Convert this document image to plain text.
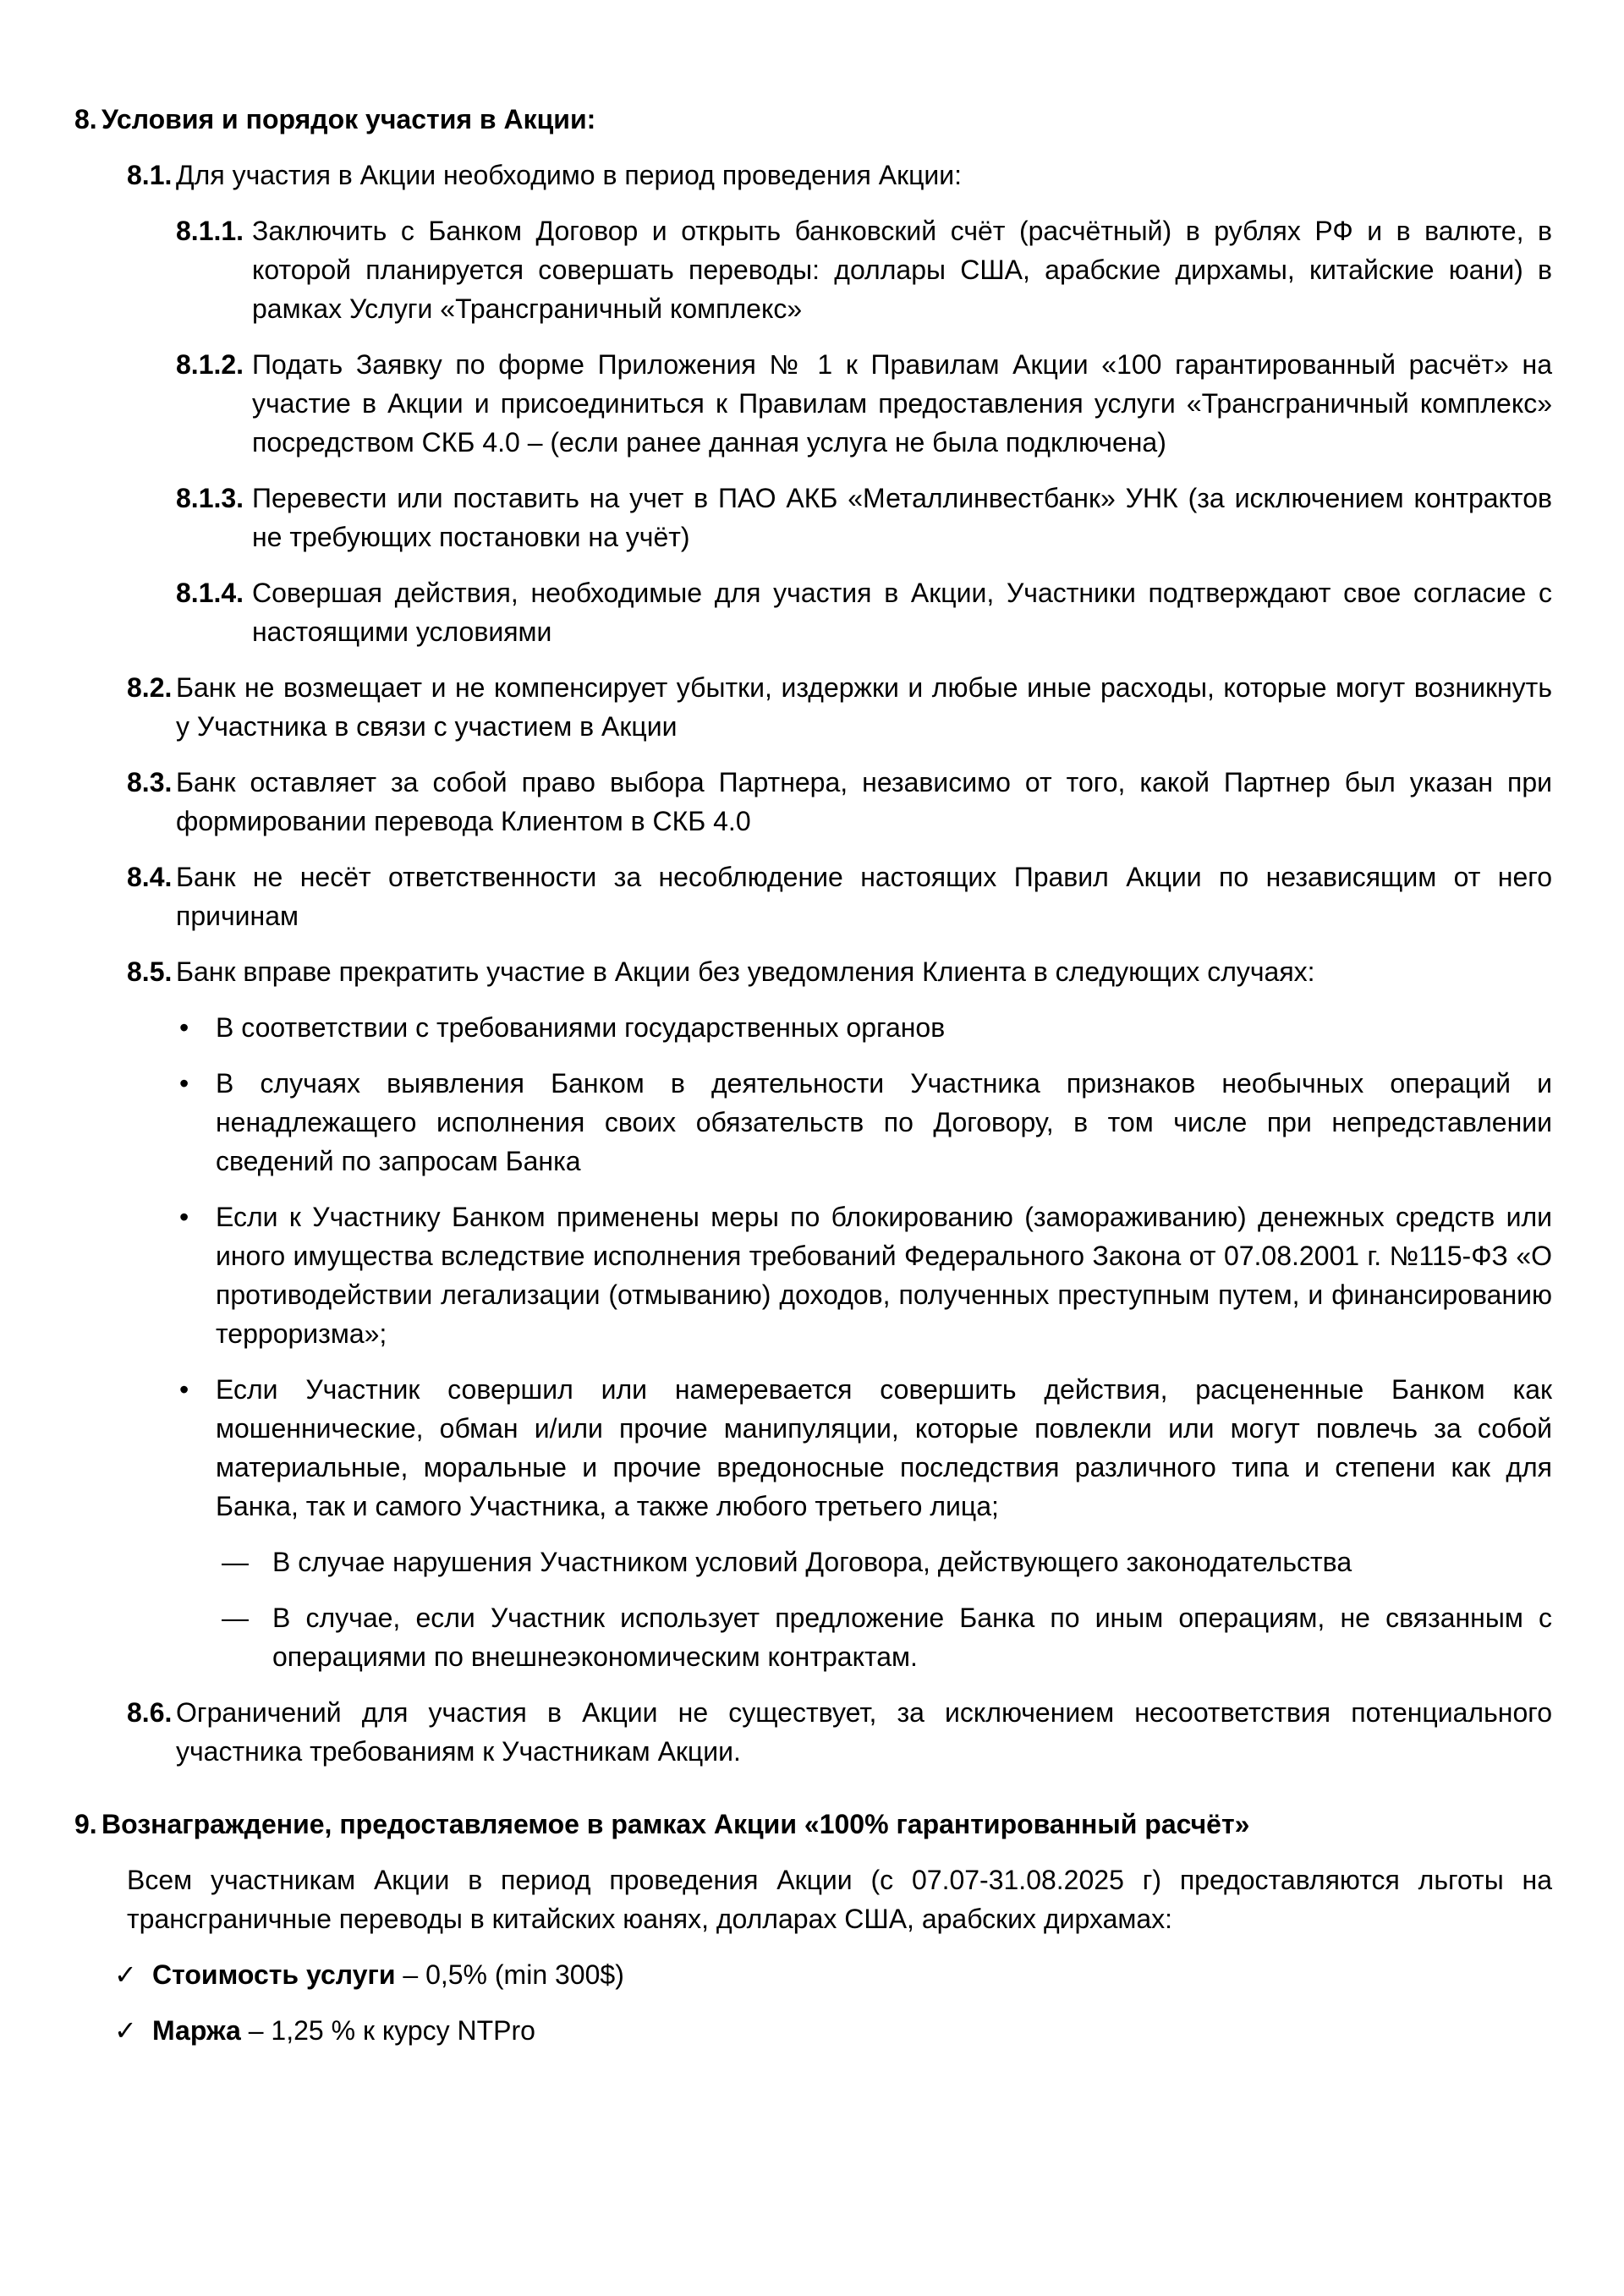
8. Условия и порядок участия в Акции:
8.1. Для участия в Акции необходимо в период проведения Акции:
8.1.1. Заключить с Банком Договор и открыть банковский счёт (расчётный) в рублях РФ и в валюте, в которой планируется совершать переводы: доллары США, арабские дирхамы, китайские юани) в рамках Услуги «Трансграничный комплекс»
8.1.2. Подать Заявку по форме Приложения № 1 к Правилам Акции «100 гарантированный расчёт» на участие в Акции и присоединиться к Правилам предоставления услуги «Трансграничный комплекс» посредством СКБ 4.0 – (если ранее данная услуга не была подключена)
8.1.3. Перевести или поставить на учет в ПАО АКБ «Металлинвестбанк» УНК (за исключением контрактов не требующих постановки на учёт)
8.1.4. Совершая действия, необходимые для участия в Акции, Участники подтверждают свое согласие с настоящими условиями
8.2. Банк не возмещает и не компенсирует убытки, издержки и любые иные расходы, которые могут возникнуть у Участника в связи с участием в Акции
8.3. Банк оставляет за собой право выбора Партнера, независимо от того, какой Партнер был указан при формировании перевода Клиентом в СКБ 4.0
8.4. Банк не несёт ответственности за несоблюдение настоящих Правил Акции по независящим от него причинам
8.5. Банк вправе прекратить участие в Акции без уведомления Клиента в следующих случаях:
• В соответствии с требованиями государственных органов
• В случаях выявления Банком в деятельности Участника признаков необычных операций и ненадлежащего исполнения своих обязательств по Договору, в том числе при непредставлении сведений по запросам Банка
• Если к Участнику Банком применены меры по блокированию (замораживанию) денежных средств или иного имущества вследствие исполнения требований Федерального Закона от 07.08.2001 г. №115-ФЗ «О противодействии легализации (отмыванию) доходов, полученных преступным путем, и финансированию терроризма»;
• Если Участник совершил или намеревается совершить действия, расцененные Банком как мошеннические, обман и/или прочие манипуляции, которые повлекли или могут повлечь за собой материальные, моральные и прочие вредоносные последствия различного типа и степени как для Банка, так и самого Участника, а также любого третьего лица;
— В случае нарушения Участником условий Договора, действующего законодательства
— В случае, если Участник использует предложение Банка по иным операциям, не связанным с операциями по внешнеэкономическим контрактам.
8.6. Ограничений для участия в Акции не существует, за исключением несоответствия потенциального участника требованиям к Участникам Акции.
9. Вознаграждение, предоставляемое в рамках Акции «100% гарантированный расчёт»
Всем участникам Акции в период проведения Акции (с 07.07-31.08.2025 г) предоставляются льготы на трансграничные переводы в китайских юанях, долларах США, арабских дирхамах:
✓ Стоимость услуги – 0,5% (min 300$)
✓ Маржа – 1,25 % к курсу NTPro
